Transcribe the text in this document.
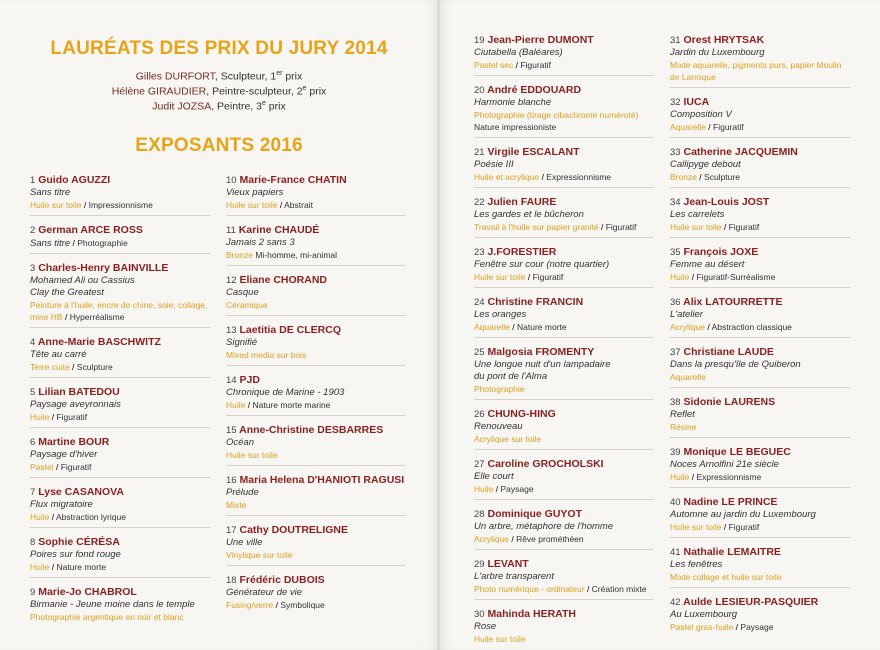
LAURÉATS DES PRIX DU JURY 2014
Gilles DURFORT, Sculpteur, 1er prix
Hélène GIRAUDIER, Peintre-sculpteur, 2e prix
Judit JOZSA, Peintre, 3e prix
EXPOSANTS 2016
1 Guido AGUZZI
Sans titre
Huile sur toile / Impressionnisme
2 German ARCE ROSS
Sans titre / Photographie
3 Charles-Henry BAINVILLE
Mohamed Ali ou Cassius
Clay the Greatest
Peinture à l'huile, encre de chine, soie, collage, mine HB / Hyperréalisme
4 Anne-Marie BASCHWITZ
Tête au carré
Terre cuite / Sculpture
5 Lilian BATEDOU
Paysage aveyronnais
Huile / Figuratif
6 Martine BOUR
Paysage d'hiver
Pastel / Figuratif
7 Lyse CASANOVA
Flux migratoire
Huile / Abstraction lyrique
8 Sophie CÉRÉSA
Poires sur fond rouge
Huile / Nature morte
9 Marie-Jo CHABROL
Birmanie - Jeune moine dans le temple
Photographie argentique en noir et blanc
10 Marie-France CHATIN
Vieux papiers
Huile sur toile / Abstrait
11 Karine CHAUDÉ
Jamais 2 sans 3
Bronze Mi-homme, mi-animal
12 Eliane CHORAND
Casque
Céramique
13 Laetitia DE CLERCQ
Signifié
Mixed media sur bois
14 PJD
Chronique de Marine - 1903
Huile / Nature morte marine
15 Anne-Christine DESBARRES
Océan
Huile sur toile
16 Maria Helena D'HANIOTI RAGUSI
Prélude
Mixte
17 Cathy DOUTRELIGNE
Une ville
Vinylique sur toile
18 Frédéric DUBOIS
Générateur de vie
Fusing/verre / Symbolique
19 Jean-Pierre DUMONT
Ciutabella (Baléares)
Pastel sec / Figuratif
20 André EDDOUARD
Harmonie blanche
Photographie (tirage cibachrome numéroté)
Nature impressioniste
21 Virgile ESCALANT
Poésie III
Huile et acrylique / Expressionnisme
22 Julien FAURE
Les gardes et le bûcheron
Travail à l'huile sur papier granité / Figuratif
23 J.FORESTIER
Fenêtre sur cour (notre quartier)
Huile sur toile / Figuratif
24 Christine FRANCIN
Les oranges
Aquarelle / Nature morte
25 Malgosia FROMENTY
Une longue nuit d'un lampadaire
du pont de l'Alma
Photographie
26 CHUNG-HING
Renouveau
Acrylique sur toile
27 Caroline GROCHOLSKI
Elle court
Huile / Paysage
28 Dominique GUYOT
Un arbre, métaphore de l'homme
Acrylique / Rêve prométhéen
29 LEVANT
L'arbre transparent
Photo numérique - ordinateur / Création mixte
30 Mahinda HERATH
Rose
Huile sur toile
31 Orest HRYTSAK
Jardin du Luxembourg
Mixte aquarelle, pigments purs, papier Moulin de Larroque
32 IUCA
Composition V
Aquarelle / Figuratif
33 Catherine JACQUEMIN
Callipyge debout
Bronze / Sculpture
34 Jean-Louis JOST
Les carrelets
Huile sur toile / Figuratif
35 François JOXE
Femme au désert
Huile / Figuratif-Surréalisme
36 Alix LATOURRETTE
L'atelier
Acrylique / Abstraction classique
37 Christiane LAUDE
Dans la presqu'île de Quiberon
Aquarelle
38 Sidonie LAURENS
Reflet
Résine
39 Monique LE BEGUEC
Noces Arnolfini 21e siècle
Huile / Expressionnisme
40 Nadine LE PRINCE
Automne au jardin du Luxembourg
Huile sur toile / Figuratif
41 Nathalie LEMAITRE
Les fenêtres
Mixte collage et huile sur toile
42 Aulde LESIEUR-PASQUIER
Au Luxembourg
Pastel gras-huile / Paysage
